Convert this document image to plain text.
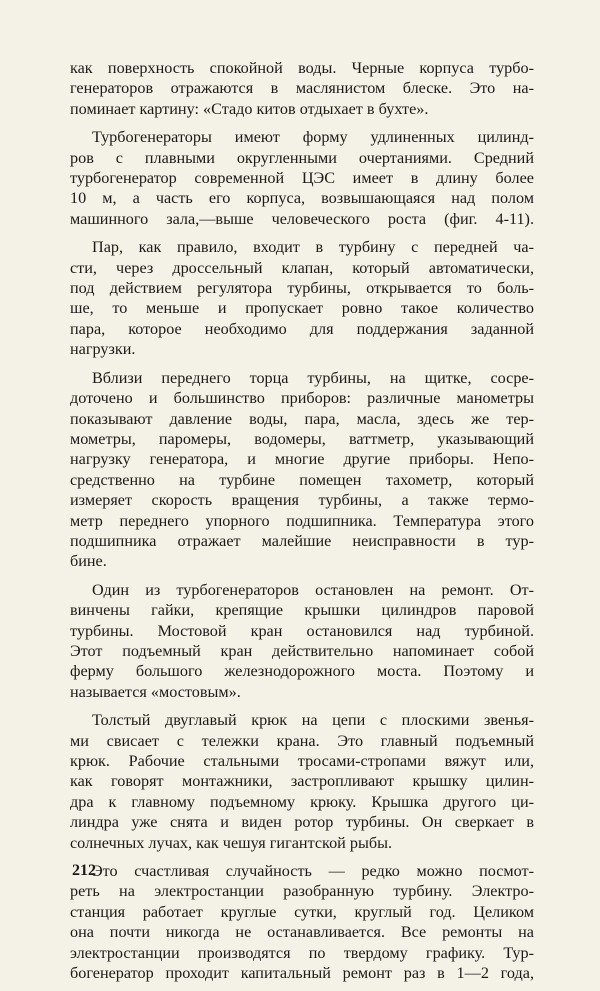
как поверхность спокойной воды. Черные корпуса турбо-
генераторов отражаются в маслянистом блеске. Это на-
поминает картину: «Стадо китов отдыхает в бухте».
Турбогенераторы имеют форму удлиненных цилинд-
ров с плавными округленными очертаниями. Средний
турбогенератор современной ЦЭС имеет в длину более
10 м, а часть его корпуса, возвышающаяся над полом
машинного зала,—выше человеческого роста (фиг. 4-11).
Пар, как правило, входит в турбину с передней ча-
сти, через дроссельный клапан, который автоматически,
под действием регулятора турбины, открывается то боль-
ше, то меньше и пропускает ровно такое количество
пара, которое необходимо для поддержания заданной
нагрузки.
Вблизи переднего торца турбины, на щитке, сосре-
доточено и большинство приборов: различные манометры
показывают давление воды, пара, масла, здесь же тер-
мометры, паромеры, водомеры, ваттметр, указывающий
нагрузку генератора, и многие другие приборы. Непо-
средственно на турбине помещен тахометр, который
измеряет скорость вращения турбины, а также термо-
метр переднего упорного подшипника. Температура этого
подшипника отражает малейшие неисправности в тур-
бине.
Один из турбогенераторов остановлен на ремонт. От-
винчены гайки, крепящие крышки цилиндров паровой
турбины. Мостовой кран остановился над турбиной.
Этот подъемный кран действительно напоминает собой
ферму большого железнодорожного моста. Поэтому и
называется «мостовым».
Толстый двуглавый крюк на цепи с плоскими звенья-
ми свисает с тележки крана. Это главный подъемный
крюк. Рабочие стальными тросами-стропами вяжут или,
как говорят монтажники, застропливают крышку цилин-
дра к главному подъемному крюку. Крышка другого ци-
линдра уже снята и виден ротор турбины. Он сверкает в
солнечных лучах, как чешуя гигантской рыбы.
Это счастливая случайность — редко можно посмот-
реть на электростанции разобранную турбину. Электро-
станция работает круглые сутки, круглый год. Целиком
она почти никогда не останавливается. Все ремонты на
электростанции производятся по твердому графику. Тур-
богенератор проходит капитальный ремонт раз в 1—2 года,
212
